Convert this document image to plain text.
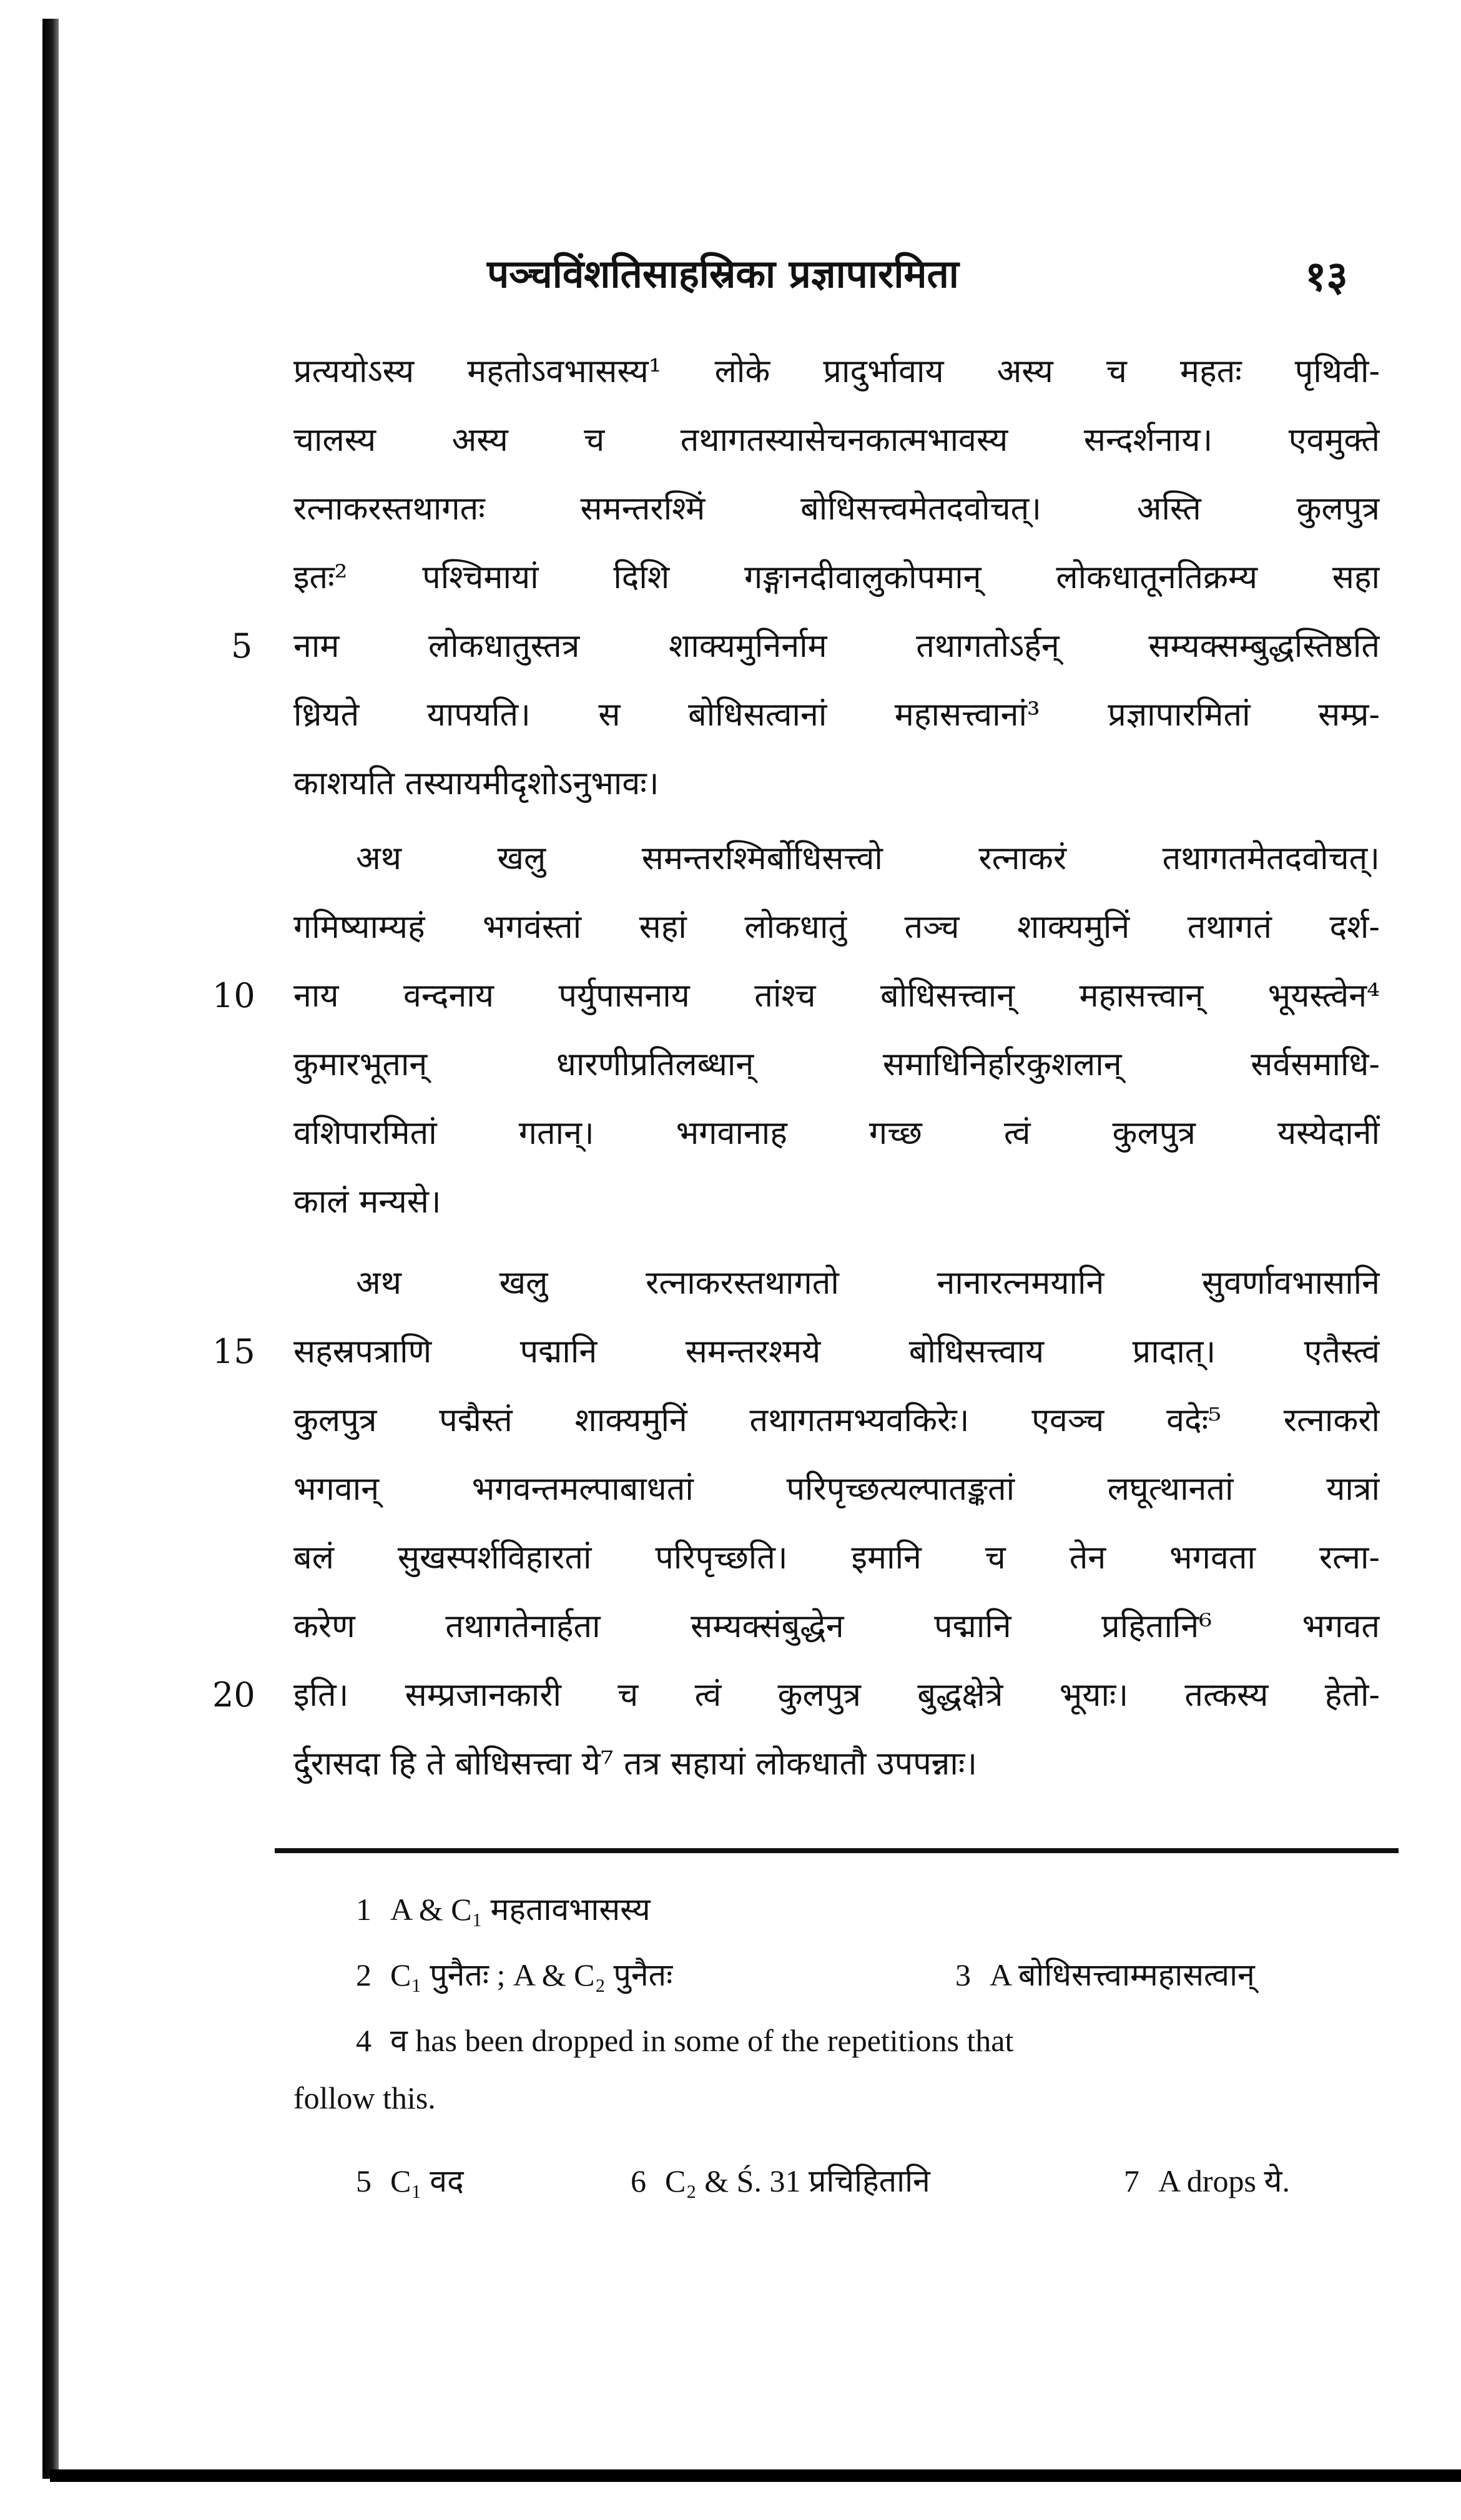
पञ्चविंशतिसाहस्रिका प्रज्ञापारमिता	१३
प्रत्ययोऽस्य महतोऽवभासस्य¹ लोके प्रादुर्भावाय अस्य च महतः पृथिवी-
चालस्य अस्य च तथागतस्यासेचनकात्मभावस्य सन्दर्शनाय। एवमुक्ते
रत्नाकरस्तथागतः समन्तरश्मिं बोधिसत्त्वमेतदवोचत्। अस्ति कुलपुत्र
इतः² पश्चिमायां दिशि गङ्गानदीवालुकोपमान् लोकधातूनतिक्रम्य सहा
नाम लोकधातुस्तत्र शाक्यमुनिर्नाम तथागतोऽर्हन् सम्यक्सम्बुद्धस्तिष्ठति
ध्रियते यापयति। स बोधिसत्वानां महासत्त्वानां³ प्रज्ञापारमितां सम्प्र-
काशयति तस्यायमीदृशोऽनुभावः।
अथ खलु समन्तरश्मिर्बोधिसत्त्वो रत्नाकरं तथागतमेतदवोचत्।
गमिष्याम्यहं भगवंस्तां सहां लोकधातुं तञ्च शाक्यमुनिं तथागतं दर्श-
नाय वन्दनाय पर्युपासनाय तांश्च बोधिसत्त्वान् महासत्त्वान् भूयस्त्वेन⁴
कुमारभूतान् धारणीप्रतिलब्धान् समाधिनिर्हारकुशलान् सर्वसमाधि-
वशिपारमितां गतान्। भगवानाह गच्छ त्वं कुलपुत्र यस्येदानीं
कालं मन्यसे।
अथ खलु रत्नाकरस्तथागतो नानारत्नमयानि सुवर्णावभासानि
सहस्रपत्राणि पद्मानि समन्तरश्मये बोधिसत्त्वाय प्रादात्। एतैस्त्वं
कुलपुत्र पद्मैस्तं शाक्यमुनिं तथागतमभ्यवकिरेः। एवञ्च वदेः⁵ रत्नाकरो
भगवान् भगवन्तमल्पाबाधतां परिपृच्छत्यल्पातङ्कतां लघूत्थानतां यात्रां
बलं सुखस्पर्शविहारतां परिपृच्छति। इमानि च तेन भगवता रत्ना-
करेण तथागतेनार्हता सम्यक्संबुद्धेन पद्मानि प्रहितानि⁶ भगवत
इति। सम्प्रजानकारी च त्वं कुलपुत्र बुद्धक्षेत्रे भूयाः। तत्कस्य हेतो-
र्दुरासदा हि ते बोधिसत्त्वा ये⁷ तत्र सहायां लोकधातौ उपपन्नाः।
5
10
15
20
1 A & C₁ महतावभासस्य
2 C₁ पुनैतः ; A & C₂ पुनैतः	3 A बोधिसत्त्वाम्महासत्वान्
4 व has been dropped in some of the repetitions that
follow this.
5 C₁ वद	6 C₂ & Ś. 31 प्रचिहितानि	7 A drops ये.
